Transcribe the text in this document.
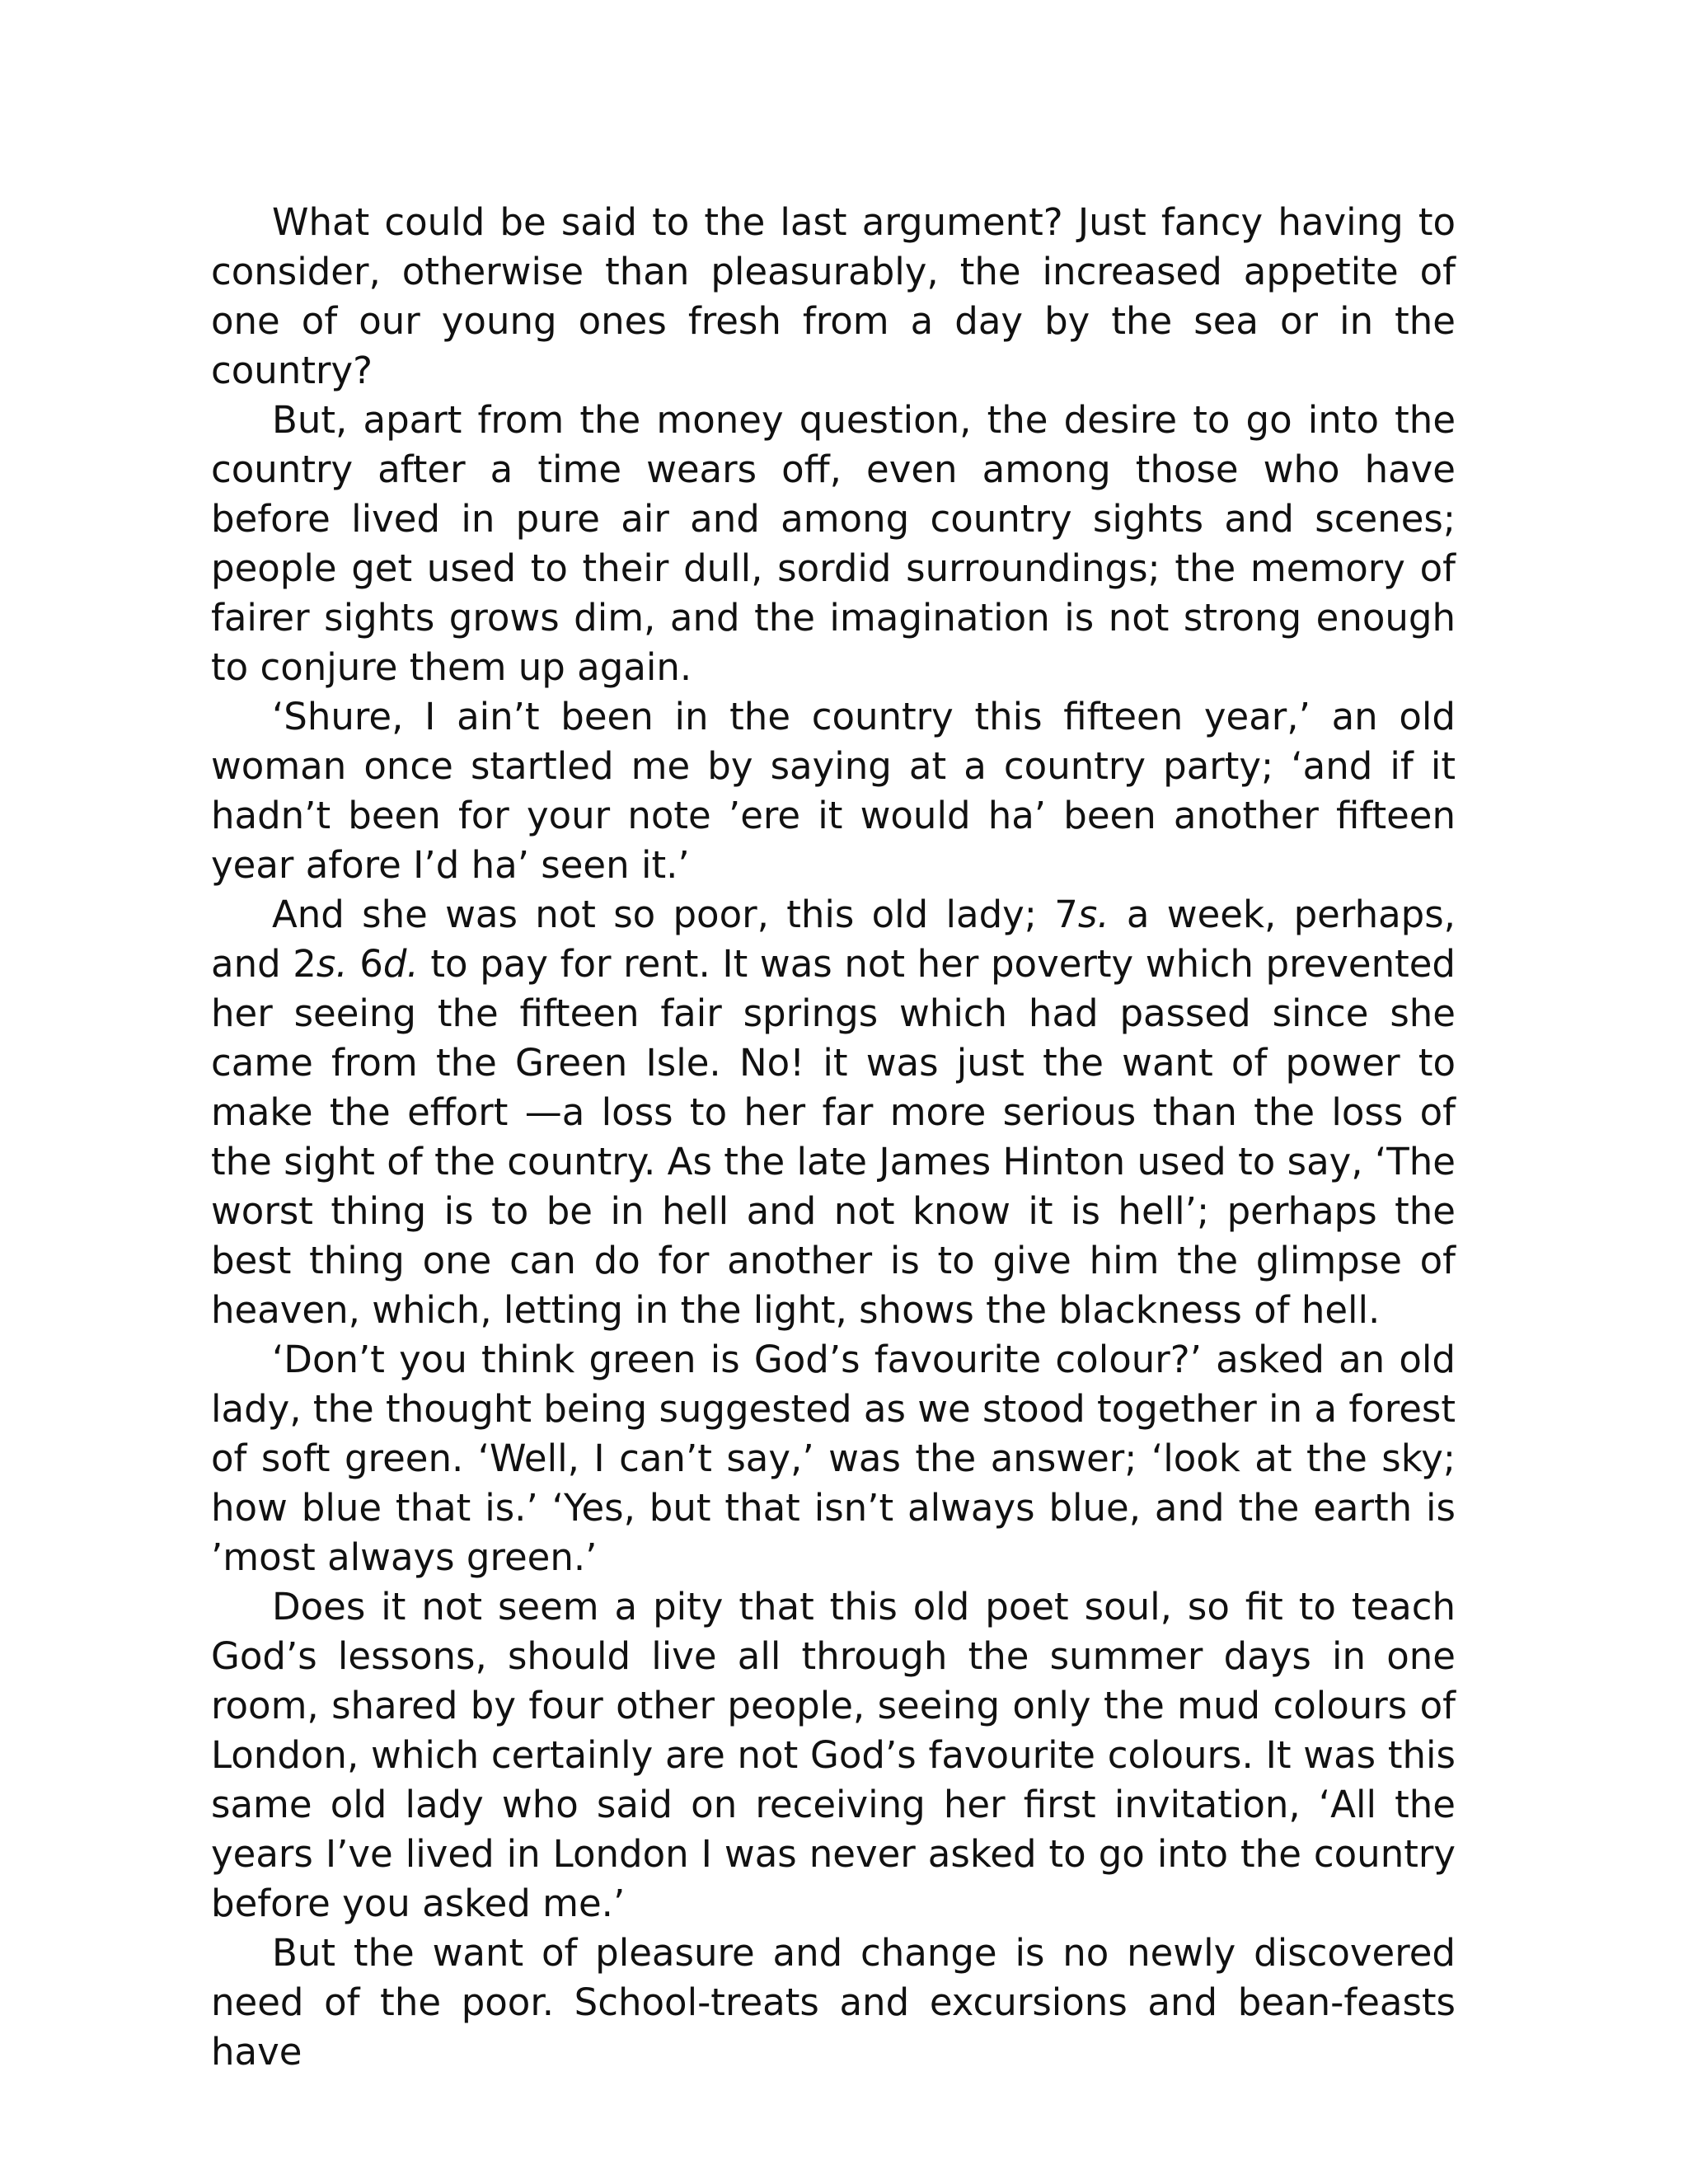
What could be said to the last argument? Just fancy having to consider, otherwise than pleasurably, the increased appetite of one of our young ones fresh from a day by the sea or in the country?

But, apart from the money question, the desire to go into the country after a time wears off, even among those who have before lived in pure air and among country sights and scenes; people get used to their dull, sordid surroundings; the memory of fairer sights grows dim, and the imagination is not strong enough to conjure them up again.

‘Shure, I ain’t been in the country this fifteen year,’ an old woman once startled me by saying at a country party; ‘and if it hadn’t been for your note ’ere it would ha’ been another fifteen year afore I’d ha’ seen it.’

And she was not so poor, this old lady; 7s. a week, perhaps, and 2s. 6d. to pay for rent. It was not her poverty which prevented her seeing the fifteen fair springs which had passed since she came from the Green Isle. No! it was just the want of power to make the effort —a loss to her far more serious than the loss of the sight of the country. As the late James Hinton used to say, ‘The worst thing is to be in hell and not know it is hell’; perhaps the best thing one can do for another is to give him the glimpse of heaven, which, letting in the light, shows the blackness of hell.

‘Don’t you think green is God’s favourite colour?’ asked an old lady, the thought being suggested as we stood together in a forest of soft green. ‘Well, I can’t say,’ was the answer; ‘look at the sky; how blue that is.’ ‘Yes, but that isn’t always blue, and the earth is ’most always green.’

Does it not seem a pity that this old poet soul, so fit to teach God’s lessons, should live all through the summer days in one room, shared by four other people, seeing only the mud colours of London, which certainly are not God’s favourite colours. It was this same old lady who said on receiving her first invitation, ‘All the years I’ve lived in London I was never asked to go into the country before you asked me.’

But the want of pleasure and change is no newly discovered need of the poor. School-treats and excursions and bean-feasts have
